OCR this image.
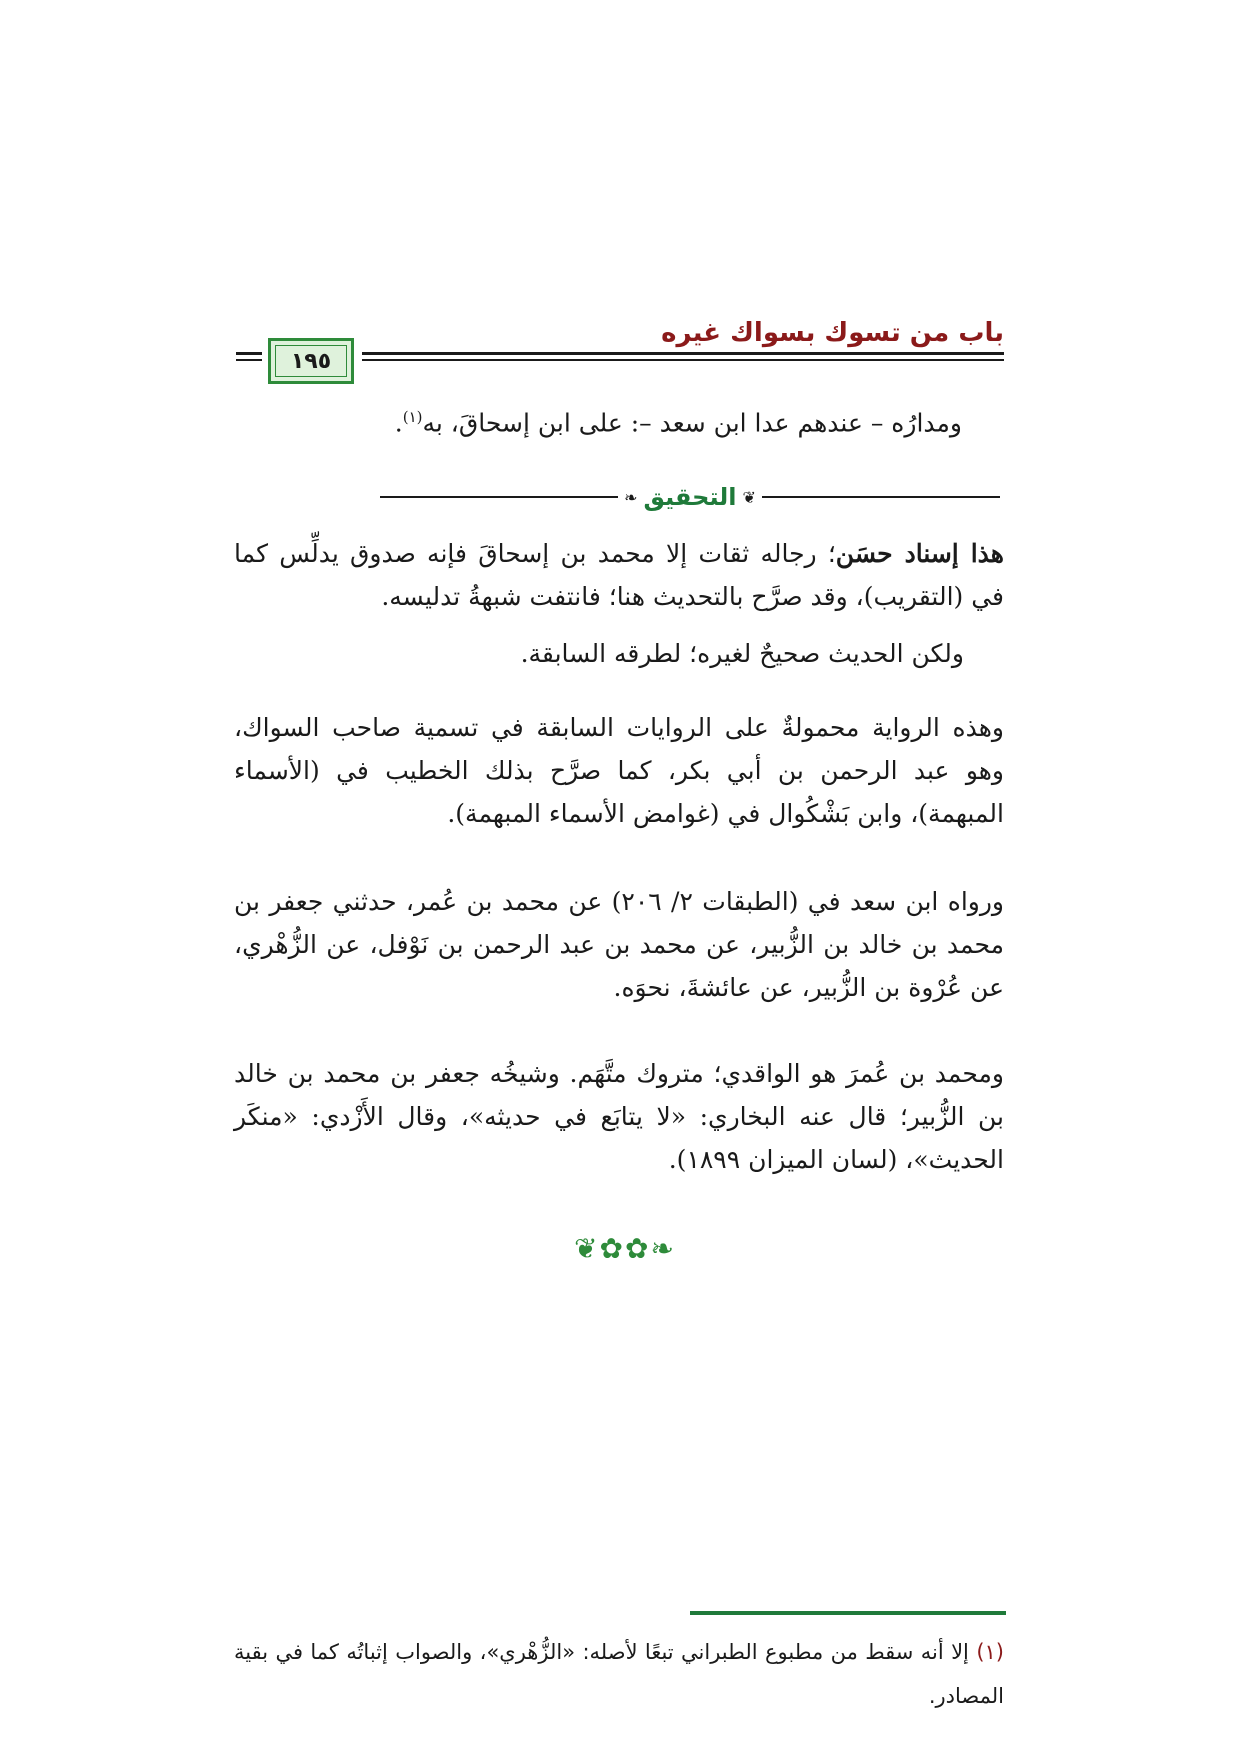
باب من تسوك بسواك غيره
١٩٥
ومدارُه – عندهم عدا ابن سعد –: على ابن إسحاقَ، به$^{(١)}$.
❦
التحقيق
❧

هذا إسناد حسَن؛ رجاله ثقات إلا محمد بن إسحاقَ فإنه صدوق يدلِّس كما في (التقريب)، وقد صرَّح بالتحديث هنا؛ فانتفت شبهةُ تدليسه.

ولكن الحديث صحيحٌ لغيره؛ لطرقه السابقة.

وهذه الرواية محمولةٌ على الروايات السابقة في تسمية صاحب السواك، وهو عبد الرحمن بن أبي بكر، كما صرَّح بذلك الخطيب في (الأسماء المبهمة)، وابن بَشْكُوال في (غوامض الأسماء المبهمة).

ورواه ابن سعد في (الطبقات ٢/ ٢٠٦) عن محمد بن عُمر، حدثني جعفر بن محمد بن خالد بن الزُّبير، عن محمد بن عبد الرحمن بن نَوْفل، عن الزُّهْري، عن عُرْوة بن الزُّبير، عن عائشةَ، نحوَه.

ومحمد بن عُمرَ هو الواقدي؛ متروك متَّهَم. وشيخُه جعفر بن محمد بن خالد بن الزُّبير؛ قال عنه البخاري: «لا يتابَع في حديثه»، وقال الأَزْدي: «منكَر الحديث»، (لسان الميزان ١٨٩٩).

❦✿✿❧
(١) إلا أنه سقط من مطبوع الطبراني تبعًا لأصله: «الزُّهْري»، والصواب إثباتُه كما في بقية المصادر.
